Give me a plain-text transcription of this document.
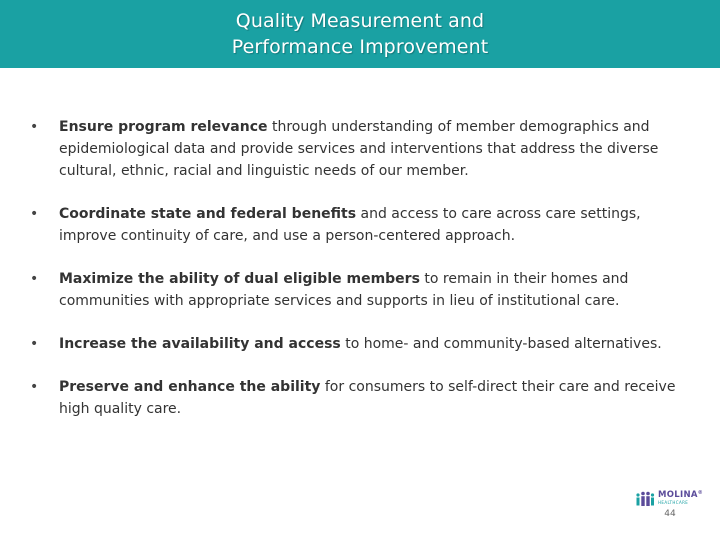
Quality Measurement and
Performance Improvement
• Ensure program relevance through understanding of member demographics and epidemiological data and provide services and interventions that address the diverse cultural, ethnic, racial and linguistic needs of our member.
• Coordinate state and federal benefits and access to care across care settings, improve continuity of care, and use a person-centered approach.
• Maximize the ability of dual eligible members to remain in their homes and communities with appropriate services and supports in lieu of institutional care.
• Increase the availability and access to home- and community-based alternatives.
• Preserve and enhance the ability for consumers to self-direct their care and receive high quality care.
MOLINA®
HEALTHCARE
44
